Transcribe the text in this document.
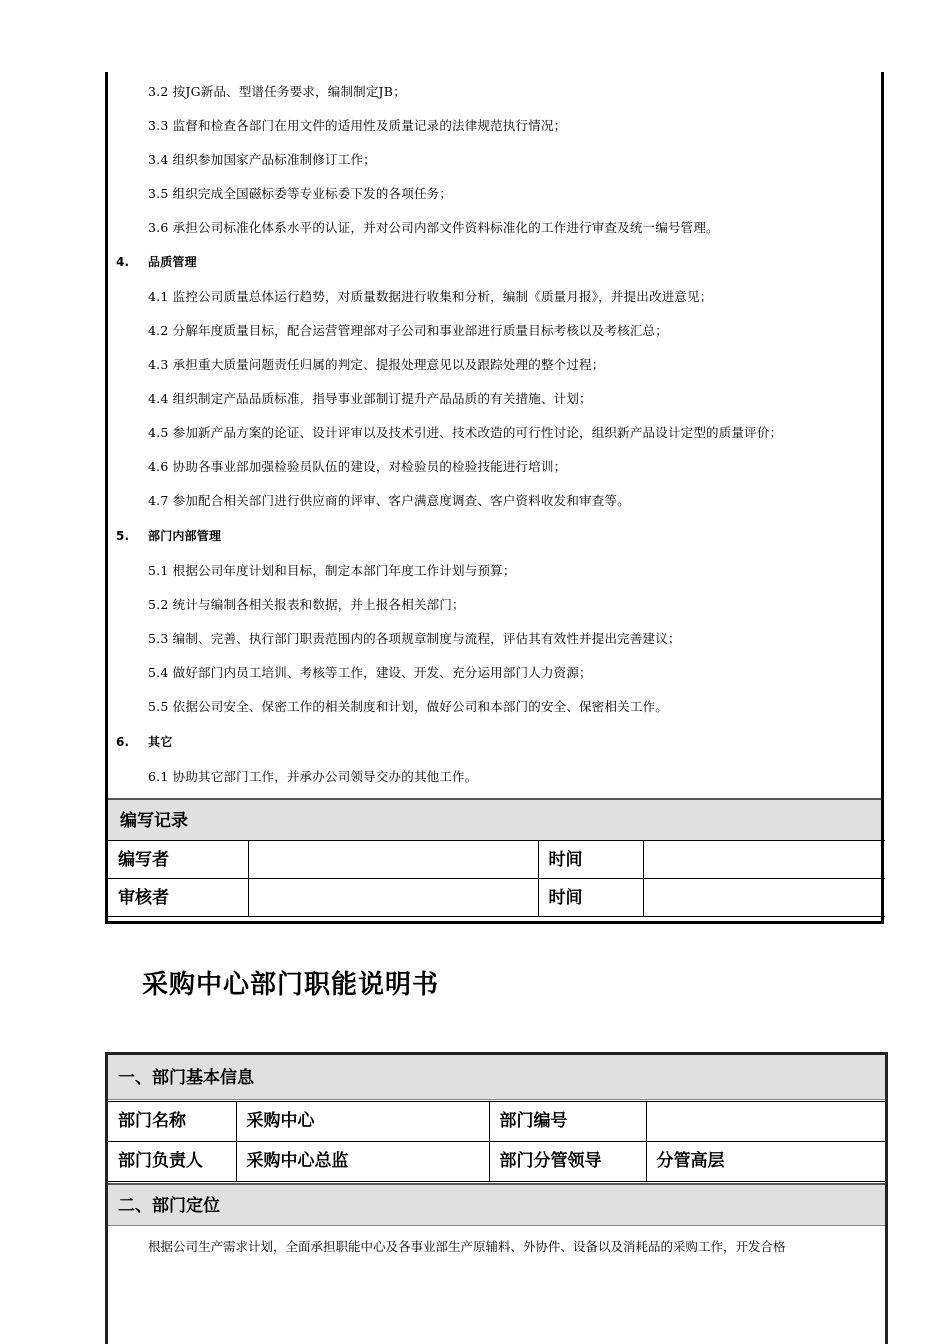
3.2 按JG新品、型谱任务要求，编制制定JB；
3.3 监督和检查各部门在用文件的适用性及质量记录的法律规范执行情况；
3.4 组织参加国家产品标准制修订工作；
3.5 组织完成全国磁标委等专业标委下发的各项任务；
3.6 承担公司标准化体系水平的认证，并对公司内部文件资料标准化的工作进行审查及统一编号管理。
4. 品质管理
4.1 监控公司质量总体运行趋势，对质量数据进行收集和分析，编制《质量月报》，并提出改进意见；
4.2 分解年度质量目标，配合运营管理部对子公司和事业部进行质量目标考核以及考核汇总；
4.3 承担重大质量问题责任归属的判定、提报处理意见以及跟踪处理的整个过程；
4.4 组织制定产品品质标准，指导事业部制订提升产品品质的有关措施、计划；
4.5 参加新产品方案的论证、设计评审以及技术引进、技术改造的可行性讨论，组织新产品设计定型的质量评价；
4.6 协助各事业部加强检验员队伍的建设，对检验员的检验技能进行培训；
4.7 参加配合相关部门进行供应商的评审、客户满意度调查、客户资料收发和审查等。
5. 部门内部管理
5.1 根据公司年度计划和目标，制定本部门年度工作计划与预算；
5.2 统计与编制各相关报表和数据，并上报各相关部门；
5.3 编制、完善、执行部门职责范围内的各项规章制度与流程，评估其有效性并提出完善建议；
5.4 做好部门内员工培训、考核等工作，建设、开发、充分运用部门人力资源；
5.5 依据公司安全、保密工作的相关制度和计划，做好公司和本部门的安全、保密相关工作。
6. 其它
6.1 协助其它部门工作，并承办公司领导交办的其他工作。
编写记录
编写者		时间	
审核者		时间	
采购中心部门职能说明书
一、部门基本信息
部门名称	采购中心	部门编号	
部门负责人	采购中心总监	部门分管领导	分管高层
二、部门定位
根据公司生产需求计划，全面承担职能中心及各事业部生产原辅料、外协件、设备以及消耗品的采购工作，开发合格
